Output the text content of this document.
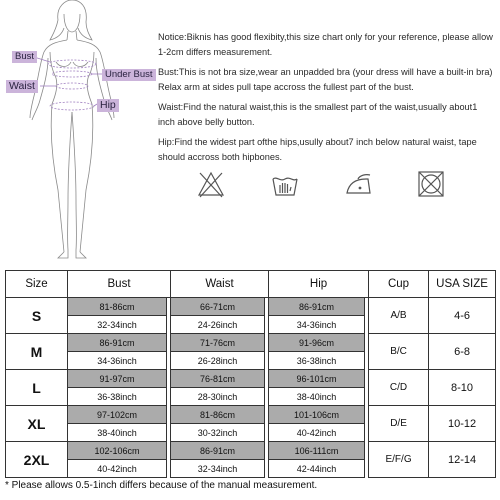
Bust
Waist
Under Bust
Hip

Notice:Biknis has good flexibity,this size chart only for your reference, please allow 1-2cm differs measurement.

Bust:This is not bra size,wear an unpadded bra (your dress will have a built-in bra) Relax arm at sides pull tape accross the fullest part of the bust.

Waist:Find the natural waist,this is the smallest part of the waist,usually about1 inch above belly button.

Hip:Find the widest part ofthe hips,usully about7 inch below natural waist, tape should accross both hipbones.

Size	Bust		Waist		Hip		Cup	USA SIZE
S	81-86cm		66-71cm		86-91cm		A/B	4-6
	32-34inch		24-26inch		34-36inch			
M	86-91cm		71-76cm		91-96cm		B/C	6-8
	34-36inch		26-28inch		36-38inch			
L	91-97cm		76-81cm		96-101cm		C/D	8-10
	36-38inch		28-30inch		38-40inch			
XL	97-102cm		81-86cm		101-106cm		D/E	10-12
	38-40inch		30-32inch		40-42inch			
2XL	102-106cm		86-91cm		106-111cm		E/F/G	12-14
	40-42inch		32-34inch		42-44inch			
* Please allows 0.5-1inch differs because of the manual measurement.
